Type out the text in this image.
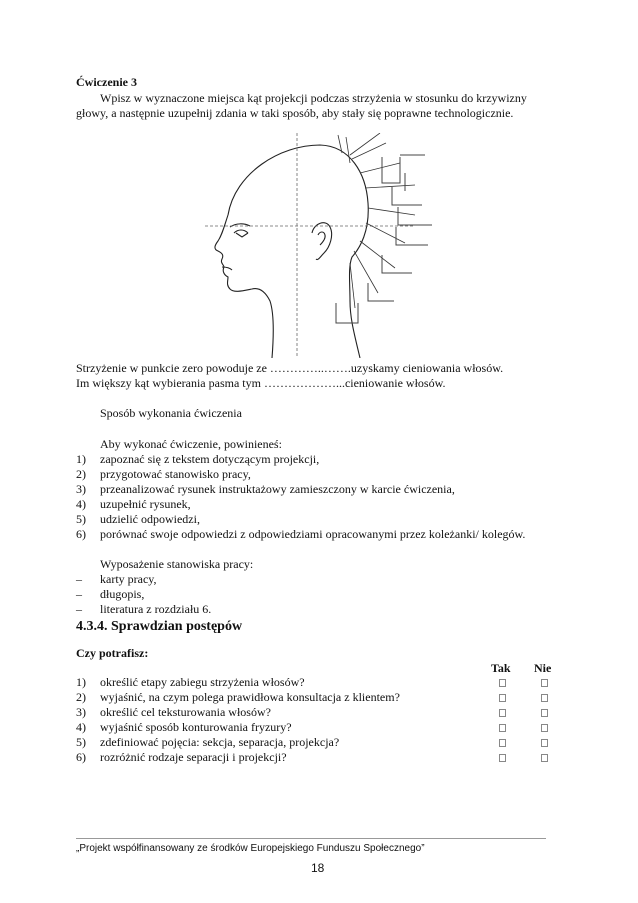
Ćwiczenie 3
Wpisz w wyznaczone miejsca kąt projekcji podczas strzyżenia w stosunku do krzywizny
głowy, a następnie uzupełnij zdania w taki sposób, aby stały się poprawne technologicznie.
Strzyżenie w punkcie zero powoduje ze …………..…….uzyskamy cieniowania włosów.
Im większy kąt wybierania pasma tym ………………...cieniowanie włosów.
Sposób wykonania ćwiczenia
Aby wykonać ćwiczenie, powinieneś:
1) zapoznać się z tekstem dotyczącym projekcji,
2) przygotować stanowisko pracy,
3) przeanalizować rysunek instruktażowy zamieszczony w karcie ćwiczenia,
4) uzupełnić rysunek,
5) udzielić odpowiedzi,
6) porównać swoje odpowiedzi z odpowiedziami opracowanymi przez koleżanki/ kolegów.
Wyposażenie stanowiska pracy:
– karty pracy,
– długopis,
– literatura z rozdziału 6.
4.3.4. Sprawdzian postępów
Czy potrafisz:
Tak Nie
1) określić etapy zabiegu strzyżenia włosów?
2) wyjaśnić, na czym polega prawidłowa konsultacja z klientem?
3) określić cel teksturowania włosów?
4) wyjaśnić sposób konturowania fryzury?
5) zdefiniować pojęcia: sekcja, separacja, projekcja?
6) rozróżnić rodzaje separacji i projekcji?
„Projekt współfinansowany ze środków Europejskiego Funduszu Społecznego”
18
